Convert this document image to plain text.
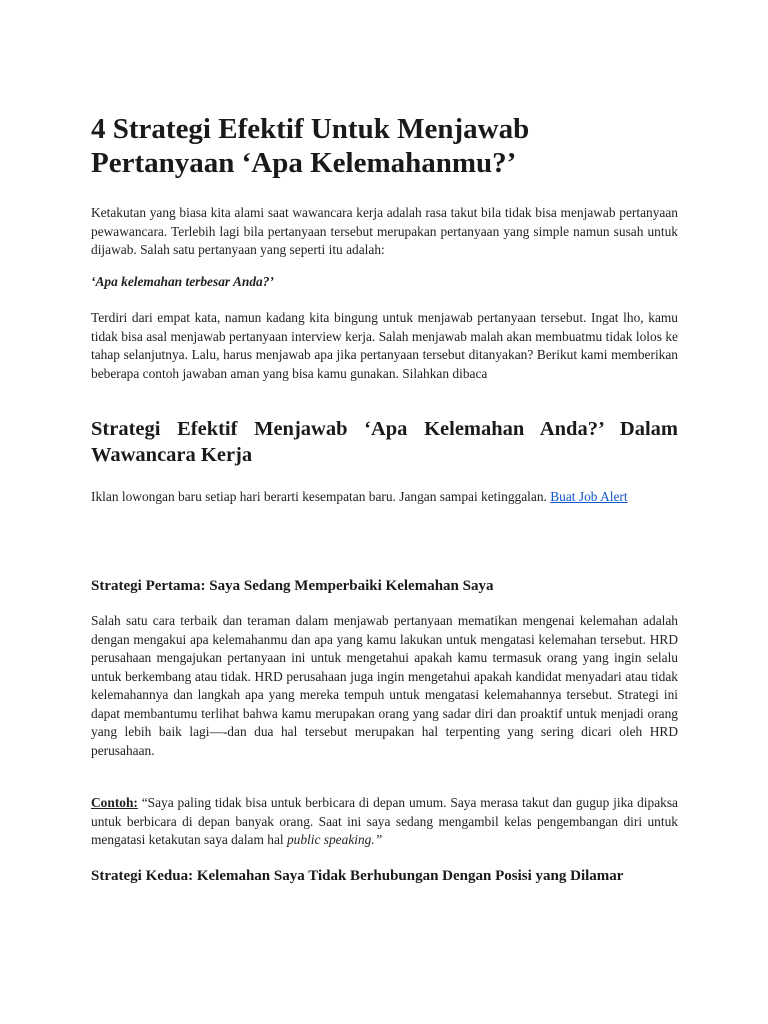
4 Strategi Efektif Untuk Menjawab Pertanyaan ‘Apa Kelemahanmu?’

Ketakutan yang biasa kita alami saat wawancara kerja adalah rasa takut bila tidak bisa menjawab pertanyaan pewawancara. Terlebih lagi bila pertanyaan tersebut merupakan pertanyaan yang simple namun susah untuk dijawab. Salah satu pertanyaan yang seperti itu adalah:

‘Apa kelemahan terbesar Anda?’

Terdiri dari empat kata, namun kadang kita bingung untuk menjawab pertanyaan tersebut. Ingat lho, kamu tidak bisa asal menjawab pertanyaan interview kerja. Salah menjawab malah akan membuatmu tidak lolos ke tahap selanjutnya. Lalu, harus menjawab apa jika pertanyaan tersebut ditanyakan? Berikut kami memberikan beberapa contoh jawaban aman yang bisa kamu gunakan. Silahkan dibaca

Strategi Efektif Menjawab ‘Apa Kelemahan Anda?’ Dalam Wawancara Kerja

Iklan lowongan baru setiap hari berarti kesempatan baru. Jangan sampai ketinggalan. Buat Job Alert

Strategi Pertama: Saya Sedang Memperbaiki Kelemahan Saya

Salah satu cara terbaik dan teraman dalam menjawab pertanyaan mematikan mengenai kelemahan adalah dengan mengakui apa kelemahanmu dan apa yang kamu lakukan untuk mengatasi kelemahan tersebut. HRD perusahaan mengajukan pertanyaan ini untuk mengetahui apakah kamu termasuk orang yang ingin selalu untuk berkembang atau tidak. HRD perusahaan juga ingin mengetahui apakah kandidat menyadari atau tidak kelemahannya dan langkah apa yang mereka tempuh untuk mengatasi kelemahannya tersebut. Strategi ini dapat membantumu terlihat bahwa kamu merupakan orang yang sadar diri dan proaktif untuk menjadi orang yang lebih baik lagi—-dan dua hal tersebut merupakan hal terpenting yang sering dicari oleh HRD perusahaan.

Contoh: “Saya paling tidak bisa untuk berbicara di depan umum. Saya merasa takut dan gugup jika dipaksa untuk berbicara di depan banyak orang. Saat ini saya sedang mengambil kelas pengembangan diri untuk mengatasi ketakutan saya dalam hal public speaking.”

Strategi Kedua: Kelemahan Saya Tidak Berhubungan Dengan Posisi yang Dilamar
